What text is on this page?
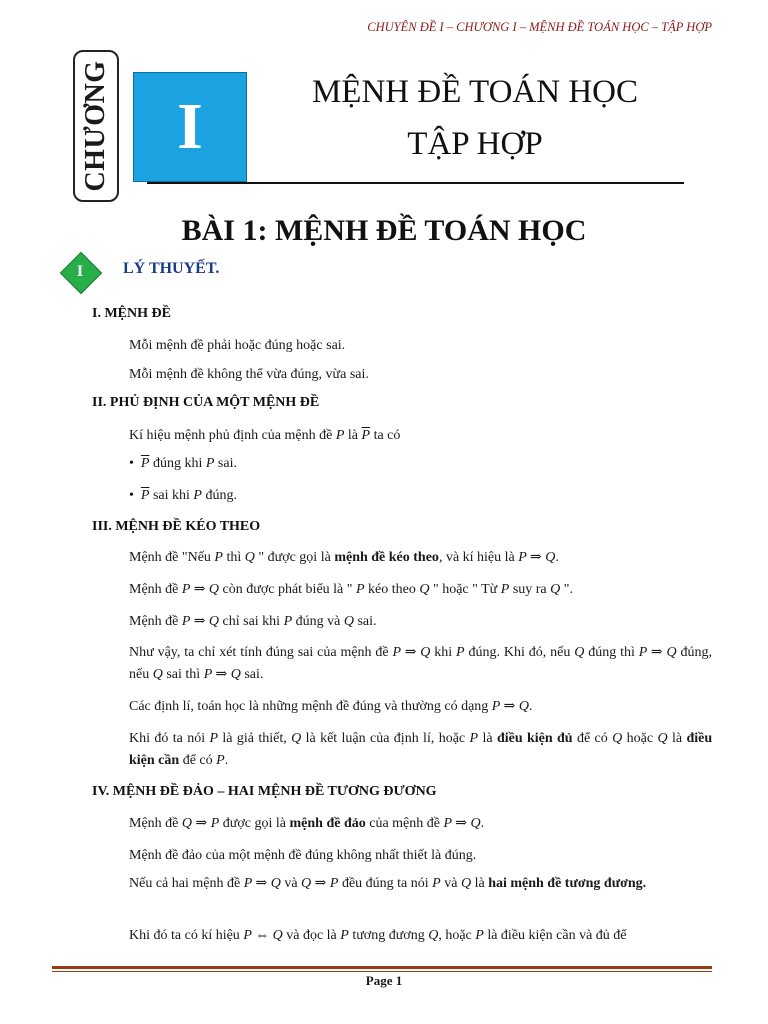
CHUYÊN ĐỀ I – CHƯƠNG I – MỆNH ĐỀ TOÁN HỌC – TẬP HỢP
CHƯƠNG I	MỆNH ĐỀ TOÁN HỌC
TẬP HỢP
BÀI 1: MỆNH ĐỀ TOÁN HỌC
I	LÝ THUYẾT.
I. MỆNH ĐỀ
Mỗi mệnh đề phải hoặc đúng hoặc sai.
Mỗi mệnh đề không thể vừa đúng, vừa sai.
II. PHỦ ĐỊNH CỦA MỘT MỆNH ĐỀ
Kí hiệu mệnh phủ định của mệnh đề P là $\overline{P}$ ta có
•  $\overline{P}$ đúng khi P sai.
•  $\overline{P}$ sai khi P đúng.
III. MỆNH ĐỀ KÉO THEO
Mệnh đề "Nếu P thì Q " được gọi là mệnh đề kéo theo, và kí hiệu là P ⇒ Q.
Mệnh đề P ⇒ Q còn được phát biểu là " P kéo theo Q " hoặc " Từ P suy ra Q ".
Mệnh đề P ⇒ Q chỉ sai khi P đúng và Q sai.
Như vậy, ta chỉ xét tính đúng sai của mệnh đề P ⇒ Q khi P đúng. Khi đó, nếu Q đúng thì P ⇒ Q đúng, nếu Q sai thì P ⇒ Q sai.
Các định lí, toán học là những mệnh đề đúng và thường có dạng P ⇒ Q.
Khi đó ta nói P là giả thiết, Q là kết luận của định lí, hoặc P là điều kiện đủ để có Q hoặc Q là điều kiện cần để có P.
IV. MỆNH ĐỀ ĐẢO – HAI MỆNH ĐỀ TƯƠNG ĐƯƠNG
Mệnh đề Q ⇒ P được gọi là mệnh đề đảo của mệnh đề P ⇒ Q.
Mệnh đề đảo của một mệnh đề đúng không nhất thiết là đúng.
Nếu cả hai mệnh đề P ⇒ Q và Q ⇒ P đều đúng ta nói P và Q là hai mệnh đề tương đương.
Khi đó ta có kí hiệu P ⇔ Q và đọc là P tương đương Q, hoặc P là điều kiện cần và đủ để
Page 1
